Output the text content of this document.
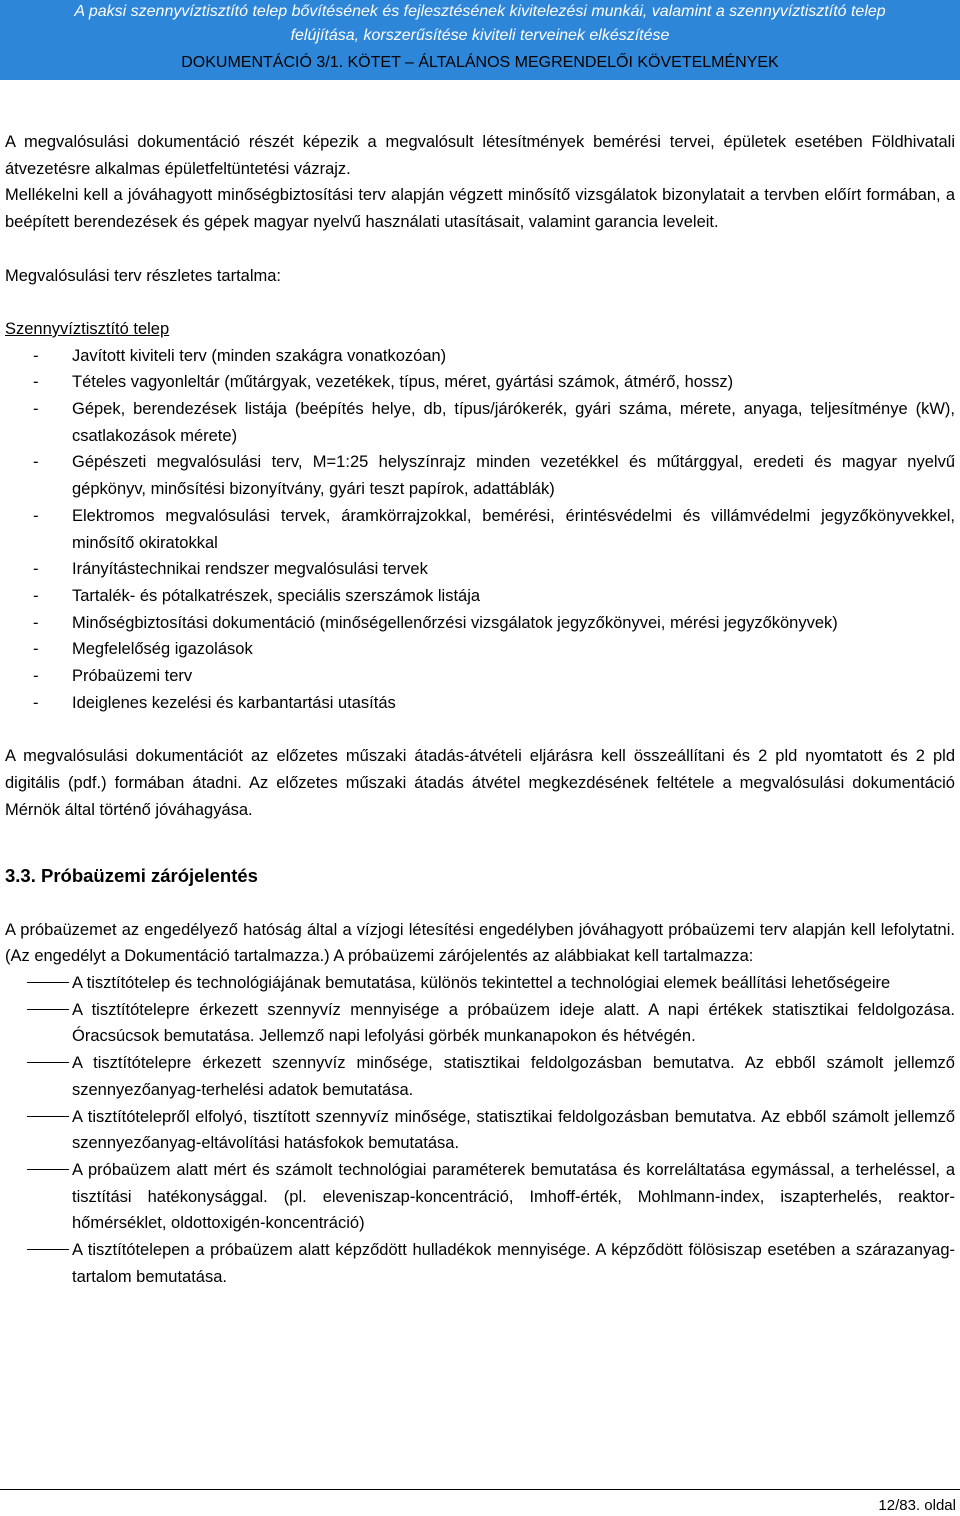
A paksi szennyvíztisztító telep bővítésének és fejlesztésének kivitelezési munkái, valamint a szennyvíztisztító telep
felújítása, korszerűsítése kiviteli terveinek elkészítése
DOKUMENTÁCIÓ 3/1. KÖTET – ÁLTALÁNOS MEGRENDELŐI KÖVETELMÉNYEK

A megvalósulási dokumentáció részét képezik a megvalósult létesítmények bemérési tervei, épületek esetében Földhivatali átvezetésre alkalmas épületfeltüntetési vázrajz.

Mellékelni kell a jóváhagyott minőségbiztosítási terv alapján végzett minősítő vizsgálatok bizonylatait a tervben előírt formában, a beépített berendezések és gépek magyar nyelvű használati utasításait, valamint garancia leveleit.

Megvalósulási terv részletes tartalma:

Szennyvíztisztító telep

- Javított kiviteli terv (minden szakágra vonatkozóan)
- Tételes vagyonleltár (műtárgyak, vezetékek, típus, méret, gyártási számok, átmérő, hossz)
- Gépek, berendezések listája (beépítés helye, db, típus/járókerék, gyári száma, mérete, anyaga, teljesítménye (kW), csatlakozások mérete)
- Gépészeti megvalósulási terv, M=1:25 helyszínrajz minden vezetékkel és műtárggyal, eredeti és magyar nyelvű gépkönyv, minősítési bizonyítvány, gyári teszt papírok, adattáblák)
- Elektromos megvalósulási tervek, áramkörrajzokkal, bemérési, érintésvédelmi és villámvédelmi jegyzőkönyvekkel, minősítő okiratokkal
- Irányítástechnikai rendszer megvalósulási tervek
- Tartalék- és pótalkatrészek, speciális szerszámok listája
- Minőségbiztosítási dokumentáció (minőségellenőrzési vizsgálatok jegyzőkönyvei, mérési jegyzőkönyvek)
- Megfelelőség igazolások
- Próbaüzemi terv
- Ideiglenes kezelési és karbantartási utasítás

A megvalósulási dokumentációt az előzetes műszaki átadás-átvételi eljárásra kell összeállítani és 2 pld nyomtatott és 2 pld digitális (pdf.) formában átadni. Az előzetes műszaki átadás átvétel megkezdésének feltétele a megvalósulási dokumentáció Mérnök által történő jóváhagyása.

3.3. Próbaüzemi zárójelentés

A próbaüzemet az engedélyező hatóság által a vízjogi létesítési engedélyben jóváhagyott próbaüzemi terv alapján kell lefolytatni. (Az engedélyt a Dokumentáció tartalmazza.) A próbaüzemi zárójelentés az alábbiakat kell tartalmazza:

A tisztítótelep és technológiájának bemutatása, különös tekintettel a technológiai elemek beállítási lehetőségeire
A tisztítótelepre érkezett szennyvíz mennyisége a próbaüzem ideje alatt. A napi értékek statisztikai feldolgozása. Óracsúcsok bemutatása. Jellemző napi lefolyási görbék munkanapokon és hétvégén.
A tisztítótelepre érkezett szennyvíz minősége, statisztikai feldolgozásban bemutatva. Az ebből számolt jellemző szennyezőanyag-terhelési adatok bemutatása.
A tisztítótelepről elfolyó, tisztított szennyvíz minősége, statisztikai feldolgozásban bemutatva. Az ebből számolt jellemző szennyezőanyag-eltávolítási hatásfokok bemutatása.
A próbaüzem alatt mért és számolt technológiai paraméterek bemutatása és korreláltatása egymással, a terheléssel, a tisztítási hatékonysággal. (pl. eleveniszap-koncentráció, Imhoff-érték, Mohlmann-index, iszapterhelés, reaktor-hőmérséklet, oldottoxigén-koncentráció)
A tisztítótelepen a próbaüzem alatt képződött hulladékok mennyisége. A képződött fölösiszap esetében a szárazanyag-tartalom bemutatása.
12/83. oldal
